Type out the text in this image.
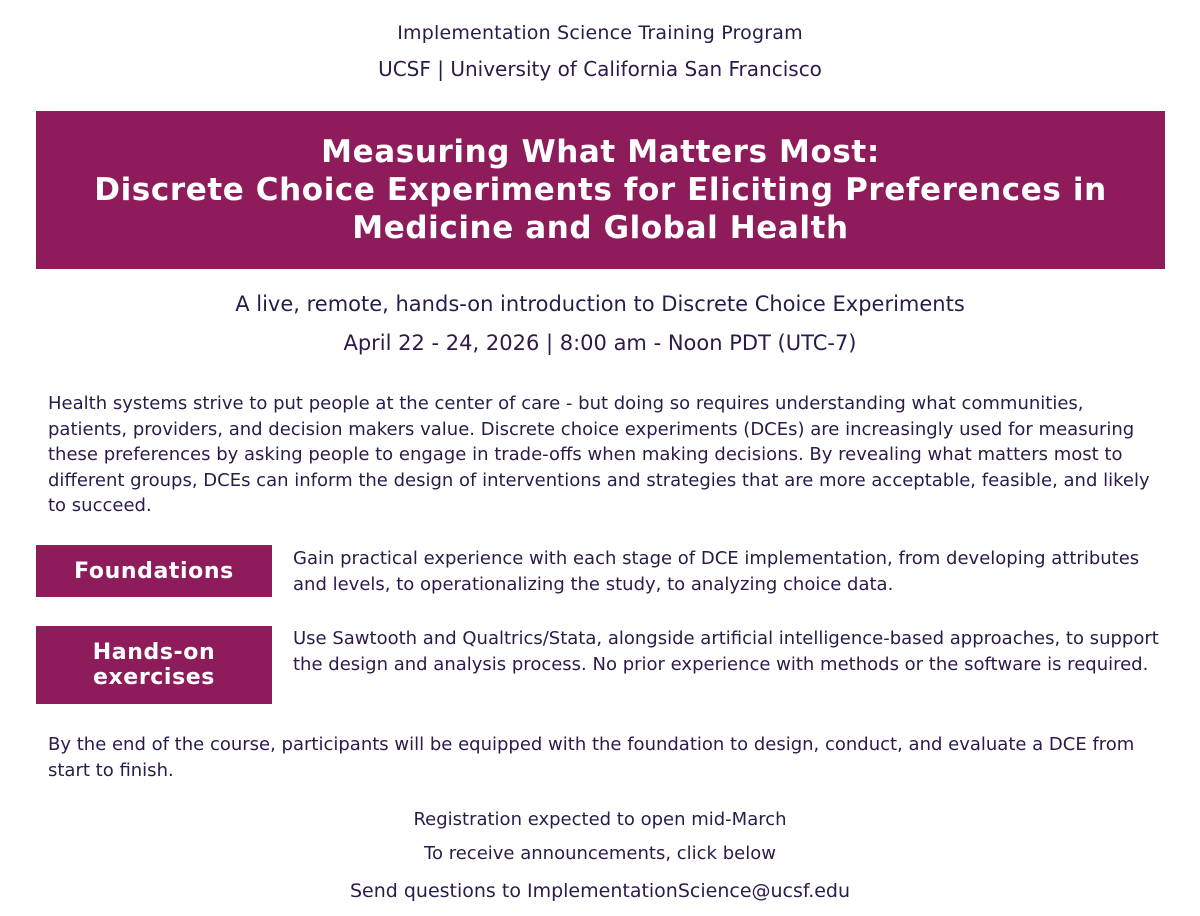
Implementation Science Training Program
UCSF | University of California San Francisco
Measuring What Matters Most:
Discrete Choice Experiments for Eliciting Preferences in
Medicine and Global Health
A live, remote, hands-on introduction to Discrete Choice Experiments
April 22 - 24, 2026 | 8:00 am - Noon PDT (UTC-7)
Health systems strive to put people at the center of care - but doing so requires understanding what communities, patients, providers, and decision makers value. Discrete choice experiments (DCEs) are increasingly used for measuring these preferences by asking people to engage in trade-offs when making decisions. By revealing what matters most to different groups, DCEs can inform the design of interventions and strategies that are more acceptable, feasible, and likely to succeed.
Foundations	Gain practical experience with each stage of DCE implementation, from developing attributes and levels, to operationalizing the study, to analyzing choice data.
Hands-on
exercises
Use Sawtooth and Qualtrics/Stata, alongside artificial intelligence-based approaches, to support the design and analysis process. No prior experience with methods or the software is required.
By the end of the course, participants will be equipped with the foundation to design, conduct, and evaluate a DCE from start to finish.
Registration expected to open mid-March
To receive announcements, click below
Send questions to ImplementationScience@ucsf.edu
